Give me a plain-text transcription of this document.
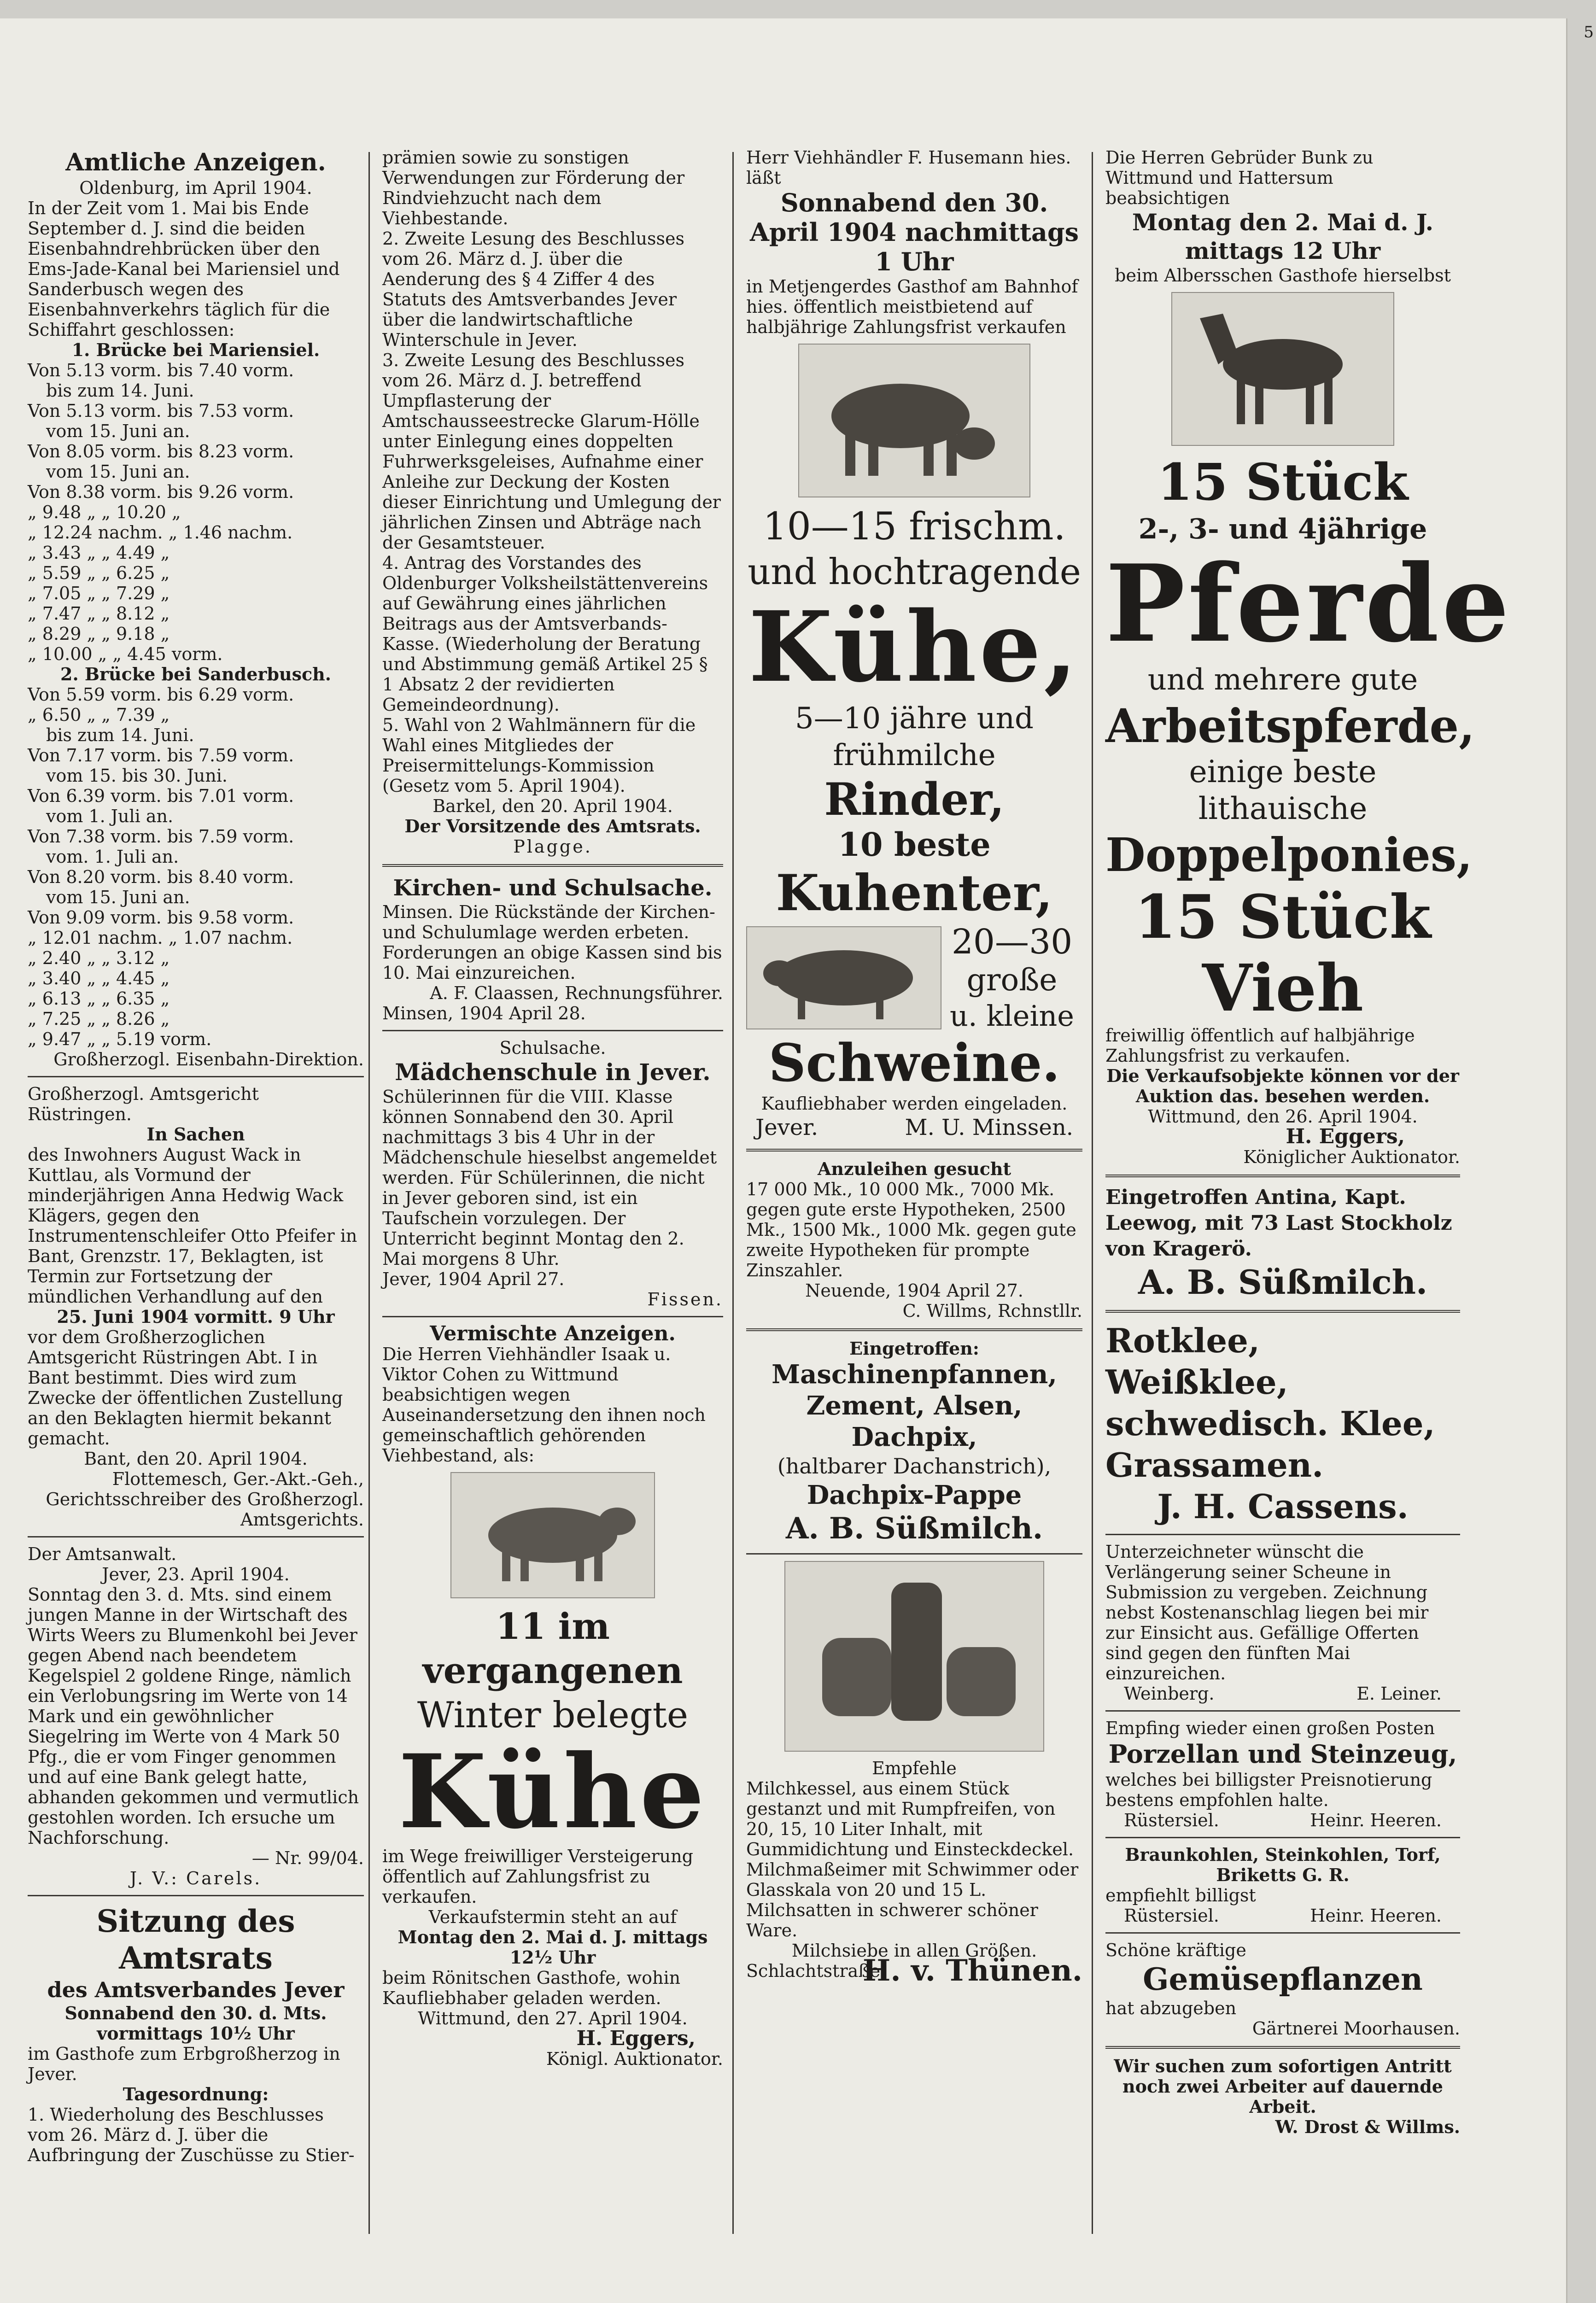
5
Amtliche Anzeigen.

Oldenburg, im April 1904.

In der Zeit vom 1. Mai bis Ende September d. J. sind die beiden Eisenbahndrehbrücken über den Ems-Jade-Kanal bei Mariensiel und Sanderbusch wegen des Eisenbahnverkehrs täglich für die Schiffahrt geschlossen:

1. Brücke bei Mariensiel.

Von 5.13 vorm. bis 7.40 vorm.

bis zum 14. Juni.

Von 5.13 vorm. bis 7.53 vorm.

vom 15. Juni an.

Von 8.05 vorm. bis 8.23 vorm.

vom 15. Juni an.

Von 8.38 vorm. bis 9.26 vorm.

„ 9.48 „ „ 10.20 „

„ 12.24 nachm. „ 1.46 nachm.

„ 3.43 „ „ 4.49 „

„ 5.59 „ „ 6.25 „

„ 7.05 „ „ 7.29 „

„ 7.47 „ „ 8.12 „

„ 8.29 „ „ 9.18 „

„ 10.00 „ „ 4.45 vorm.

2. Brücke bei Sanderbusch.

Von 5.59 vorm. bis 6.29 vorm.

„ 6.50 „ „ 7.39 „

bis zum 14. Juni.

Von 7.17 vorm. bis 7.59 vorm.

vom 15. bis 30. Juni.

Von 6.39 vorm. bis 7.01 vorm.

vom 1. Juli an.

Von 7.38 vorm. bis 7.59 vorm.

vom. 1. Juli an.

Von 8.20 vorm. bis 8.40 vorm.

vom 15. Juni an.

Von 9.09 vorm. bis 9.58 vorm.

„ 12.01 nachm. „ 1.07 nachm.

„ 2.40 „ „ 3.12 „

„ 3.40 „ „ 4.45 „

„ 6.13 „ „ 6.35 „

„ 7.25 „ „ 8.26 „

„ 9.47 „ „ 5.19 vorm.

Großherzogl. Eisenbahn-Direktion.

Großherzogl. Amtsgericht Rüstringen.

In Sachen

des Inwohners August Wack in Kuttlau, als Vormund der minderjährigen Anna Hedwig Wack Klägers, gegen den Instrumentenschleifer Otto Pfeifer in Bant, Grenzstr. 17, Beklagten, ist Termin zur Fortsetzung der mündlichen Verhandlung auf den

25. Juni 1904 vormitt. 9 Uhr

vor dem Großherzoglichen Amtsgericht Rüstringen Abt. I in Bant bestimmt. Dies wird zum Zwecke der öffentlichen Zustellung an den Beklagten hiermit bekannt gemacht.

Bant, den 20. April 1904.

Flottemesch, Ger.-Akt.-Geh., Gerichtsschreiber des Großherzogl. Amtsgerichts.

Der Amtsanwalt.

Jever, 23. April 1904.

Sonntag den 3. d. Mts. sind einem jungen Manne in der Wirtschaft des Wirts Weers zu Blumenkohl bei Jever gegen Abend nach beendetem Kegelspiel 2 goldene Ringe, nämlich ein Verlobungsring im Werte von 14 Mark und ein gewöhnlicher Siegelring im Werte von 4 Mark 50 Pfg., die er vom Finger genommen und auf eine Bank gelegt hatte, abhanden gekommen und vermutlich gestohlen worden. Ich ersuche um Nachforschung.

— Nr. 99/04.

J. V.: Carels.

Sitzung des Amtsrats

des Amtsverbandes Jever

Sonnabend den 30. d. Mts. vormittags 10½ Uhr

im Gasthofe zum Erbgroßherzog in Jever.

Tagesordnung:

1. Wiederholung des Beschlusses vom 26. März d. J. über die Aufbringung der Zuschüsse zu Stier-

prämien sowie zu sonstigen Verwendungen zur Förderung der Rindviehzucht nach dem Viehbestande.

2. Zweite Lesung des Beschlusses vom 26. März d. J. über die Aenderung des § 4 Ziffer 4 des Statuts des Amtsverbandes Jever über die landwirtschaftliche Winterschule in Jever.

3. Zweite Lesung des Beschlusses vom 26. März d. J. betreffend Umpflasterung der Amtschausseestrecke Glarum-Hölle unter Einlegung eines doppelten Fuhrwerksgeleises, Aufnahme einer Anleihe zur Deckung der Kosten dieser Einrichtung und Umlegung der jährlichen Zinsen und Abträge nach der Gesamtsteuer.

4. Antrag des Vorstandes des Oldenburger Volksheilstättenvereins auf Gewährung eines jährlichen Beitrags aus der Amtsverbands-Kasse. (Wiederholung der Beratung und Abstimmung gemäß Artikel 25 § 1 Absatz 2 der revidierten Gemeindeordnung).

5. Wahl von 2 Wahlmännern für die Wahl eines Mitgliedes der Preisermittelungs-Kommission (Gesetz vom 5. April 1904).

Barkel, den 20. April 1904.

Der Vorsitzende des Amtsrats.

Plagge.

Kirchen- und Schulsache.

Minsen. Die Rückstände der Kirchen- und Schulumlage werden erbeten. Forderungen an obige Kassen sind bis 10. Mai einzureichen.

A. F. Claassen, Rechnungsführer.

Minsen, 1904 April 28.

Schulsache.

Mädchenschule in Jever.

Schülerinnen für die VIII. Klasse können Sonnabend den 30. April nachmittags 3 bis 4 Uhr in der Mädchenschule hieselbst angemeldet werden. Für Schülerinnen, die nicht in Jever geboren sind, ist ein Taufschein vorzulegen. Der Unterricht beginnt Montag den 2. Mai morgens 8 Uhr.

Jever, 1904 April 27.

Fissen.

Vermischte Anzeigen.

Die Herren Viehhändler Isaak u. Viktor Cohen zu Wittmund beabsichtigen wegen Auseinandersetzung den ihnen noch gemeinschaftlich gehörenden Viehbestand, als:

11 im vergangenen

Winter belegte

Kühe

im Wege freiwilliger Versteigerung öffentlich auf Zahlungsfrist zu verkaufen.

Verkaufstermin steht an auf

Montag den 2. Mai d. J. mittags 12½ Uhr

beim Rönitschen Gasthofe, wohin Kaufliebhaber geladen werden.

Wittmund, den 27. April 1904.

H. Eggers,

Königl. Auktionator.

Herr Viehhändler F. Husemann hies. läßt

Sonnabend den 30. April 1904 nachmittags 1 Uhr

in Metjengerdes Gasthof am Bahnhof hies. öffentlich meistbietend auf halbjährige Zahlungsfrist verkaufen

10—15 frischm.

und hochtragende

Kühe,

5—10 jähre und

frühmilche

Rinder,

10 beste

Kuhenter,

20—30

große

u. kleine

Schweine.

Kaufliebhaber werden eingeladen.

Jever.	M. U. Minssen.

Anzuleihen gesucht

17 000 Mk., 10 000 Mk., 7000 Mk. gegen gute erste Hypotheken, 2500 Mk., 1500 Mk., 1000 Mk. gegen gute zweite Hypotheken für prompte Zinszahler.

Neuende, 1904 April 27.

C. Willms, Rchnstllr.

Eingetroffen:

Maschinenpfannen,

Zement, Alsen,

Dachpix,

(haltbarer Dachanstrich),

Dachpix-Pappe

A. B. Süßmilch.

Empfehle

Milchkessel, aus einem Stück gestanzt und mit Rumpfreifen, von 20, 15, 10 Liter Inhalt, mit Gummidichtung und Einsteckdeckel.

Milchmaßeimer mit Schwimmer oder Glasskala von 20 und 15 L.

Milchsatten in schwerer schöner Ware.

Milchsiebe in allen Größen.

Schlachtstraße.
H. v. Thünen.

Die Herren Gebrüder Bunk zu Wittmund und Hattersum beabsichtigen

Montag den 2. Mai d. J. mittags 12 Uhr

beim Albersschen Gasthofe hierselbst

15 Stück

2-, 3- und 4jährige

Pferde

und mehrere gute

Arbeitspferde,

einige beste lithauische

Doppelponies,

15 Stück

Vieh

freiwillig öffentlich auf halbjährige Zahlungsfrist zu verkaufen.

Die Verkaufsobjekte können vor der Auktion das. besehen werden.

Wittmund, den 26. April 1904.

H. Eggers,

Königlicher Auktionator.

Eingetroffen Antina, Kapt. Leewog, mit 73 Last Stockholz von Kragerö.

A. B. Süßmilch.

Rotklee,

Weißklee,

schwedisch. Klee,

Grassamen.

J. H. Cassens.

Unterzeichneter wünscht die Verlängerung seiner Scheune in Submission zu vergeben. Zeichnung nebst Kostenanschlag liegen bei mir zur Einsicht aus. Gefällige Offerten sind gegen den fünften Mai einzureichen.

Weinberg.	E. Leiner.

Empfing wieder einen großen Posten

Porzellan und Steinzeug,

welches bei billigster Preisnotierung bestens empfohlen halte.

Rüstersiel.	Heinr. Heeren.

Braunkohlen, Steinkohlen, Torf, Briketts G. R.

empfiehlt billigst

Rüstersiel.	Heinr. Heeren.

Schöne kräftige

Gemüsepflanzen

hat abzugeben

Gärtnerei Moorhausen.

Wir suchen zum sofortigen Antritt noch zwei Arbeiter auf dauernde Arbeit.

W. Drost & Willms.
